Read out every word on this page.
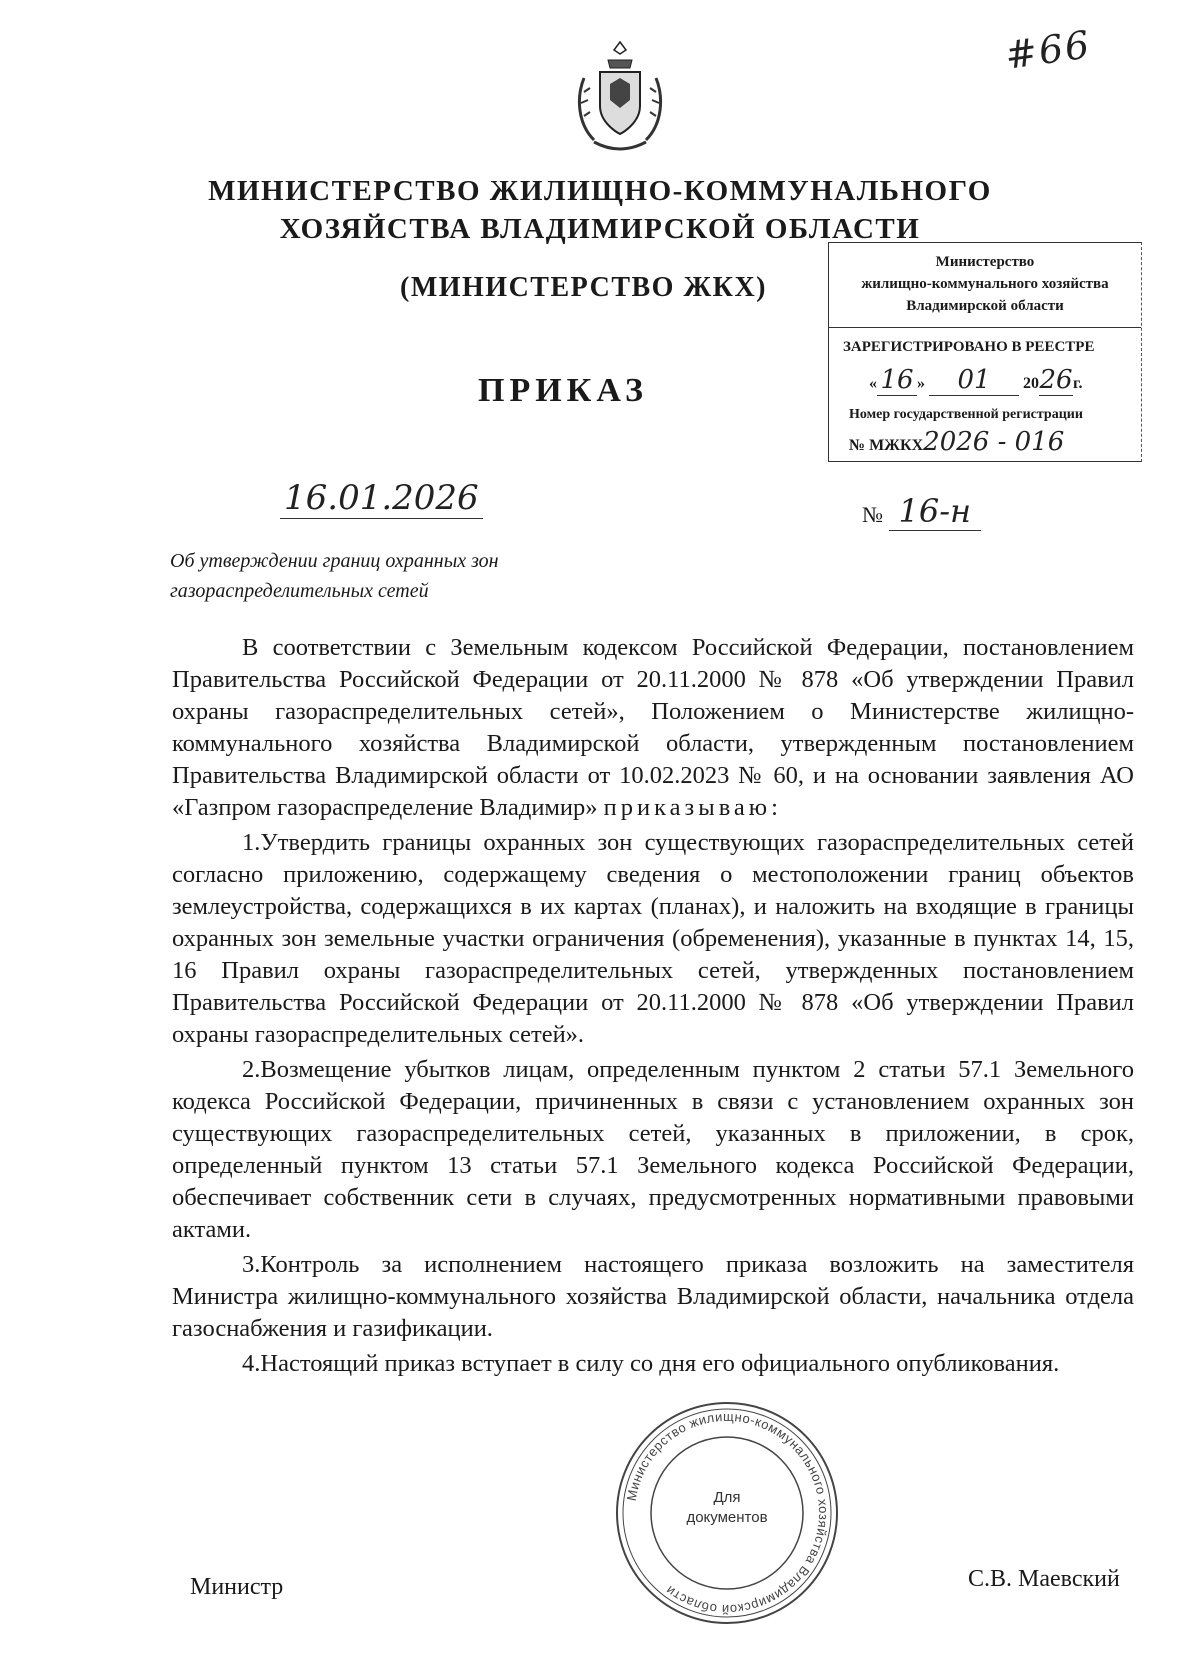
#66
МИНИСТЕРСТВО ЖИЛИЩНО-КОММУНАЛЬНОГО
ХОЗЯЙСТВА ВЛАДИМИРСКОЙ ОБЛАСТИ
(МИНИСТЕРСТВО ЖКХ)
ПРИКАЗ
Министерство
жилищно-коммунального хозяйства
Владимирской области
ЗАРЕГИСТРИРОВАНО В РЕЕСТРЕ
« 16 » 01 2026г.
Номер государственной регистрации
№ МЖКХ2026 - 016
16.01.2026	№ 16-н
Об утверждении границ охранных зон
газораспределительных сетей

В соответствии с Земельным кодексом Российской Федерации, постановлением Правительства Российской Федерации от 20.11.2000 № 878 «Об утверждении Правил охраны газораспределительных сетей», Положением о Министерстве жилищно-коммунального хозяйства Владимирской области, утвержденным постановлением Правительства Владимирской области от 10.02.2023 № 60, и на основании заявления АО «Газпром газораспределение Владимир» приказываю:

1.Утвердить границы охранных зон существующих газораспределительных сетей согласно приложению, содержащему сведения о местоположении границ объектов землеустройства, содержащихся в их картах (планах), и наложить на входящие в границы охранных зон земельные участки ограничения (обременения), указанные в пунктах 14, 15, 16 Правил охраны газораспределительных сетей, утвержденных постановлением Правительства Российской Федерации от 20.11.2000 № 878 «Об утверждении Правил охраны газораспределительных сетей».

2.Возмещение убытков лицам, определенным пунктом 2 статьи 57.1 Земельного кодекса Российской Федерации, причиненных в связи с установлением охранных зон существующих газораспределительных сетей, указанных в приложении, в срок, определенный пунктом 13 статьи 57.1 Земельного кодекса Российской Федерации, обеспечивает собственник сети в случаях, предусмотренных нормативными правовыми актами.

3.Контроль за исполнением настоящего приказа возложить на заместителя Министра жилищно-коммунального хозяйства Владимирской области, начальника отдела газоснабжения и газификации.

4.Настоящий приказ вступает в силу со дня его официального опубликования.

Министерство жилищно-коммунального хозяйства Владимирской области
Для
документов
Министр	С.В. Маевский
